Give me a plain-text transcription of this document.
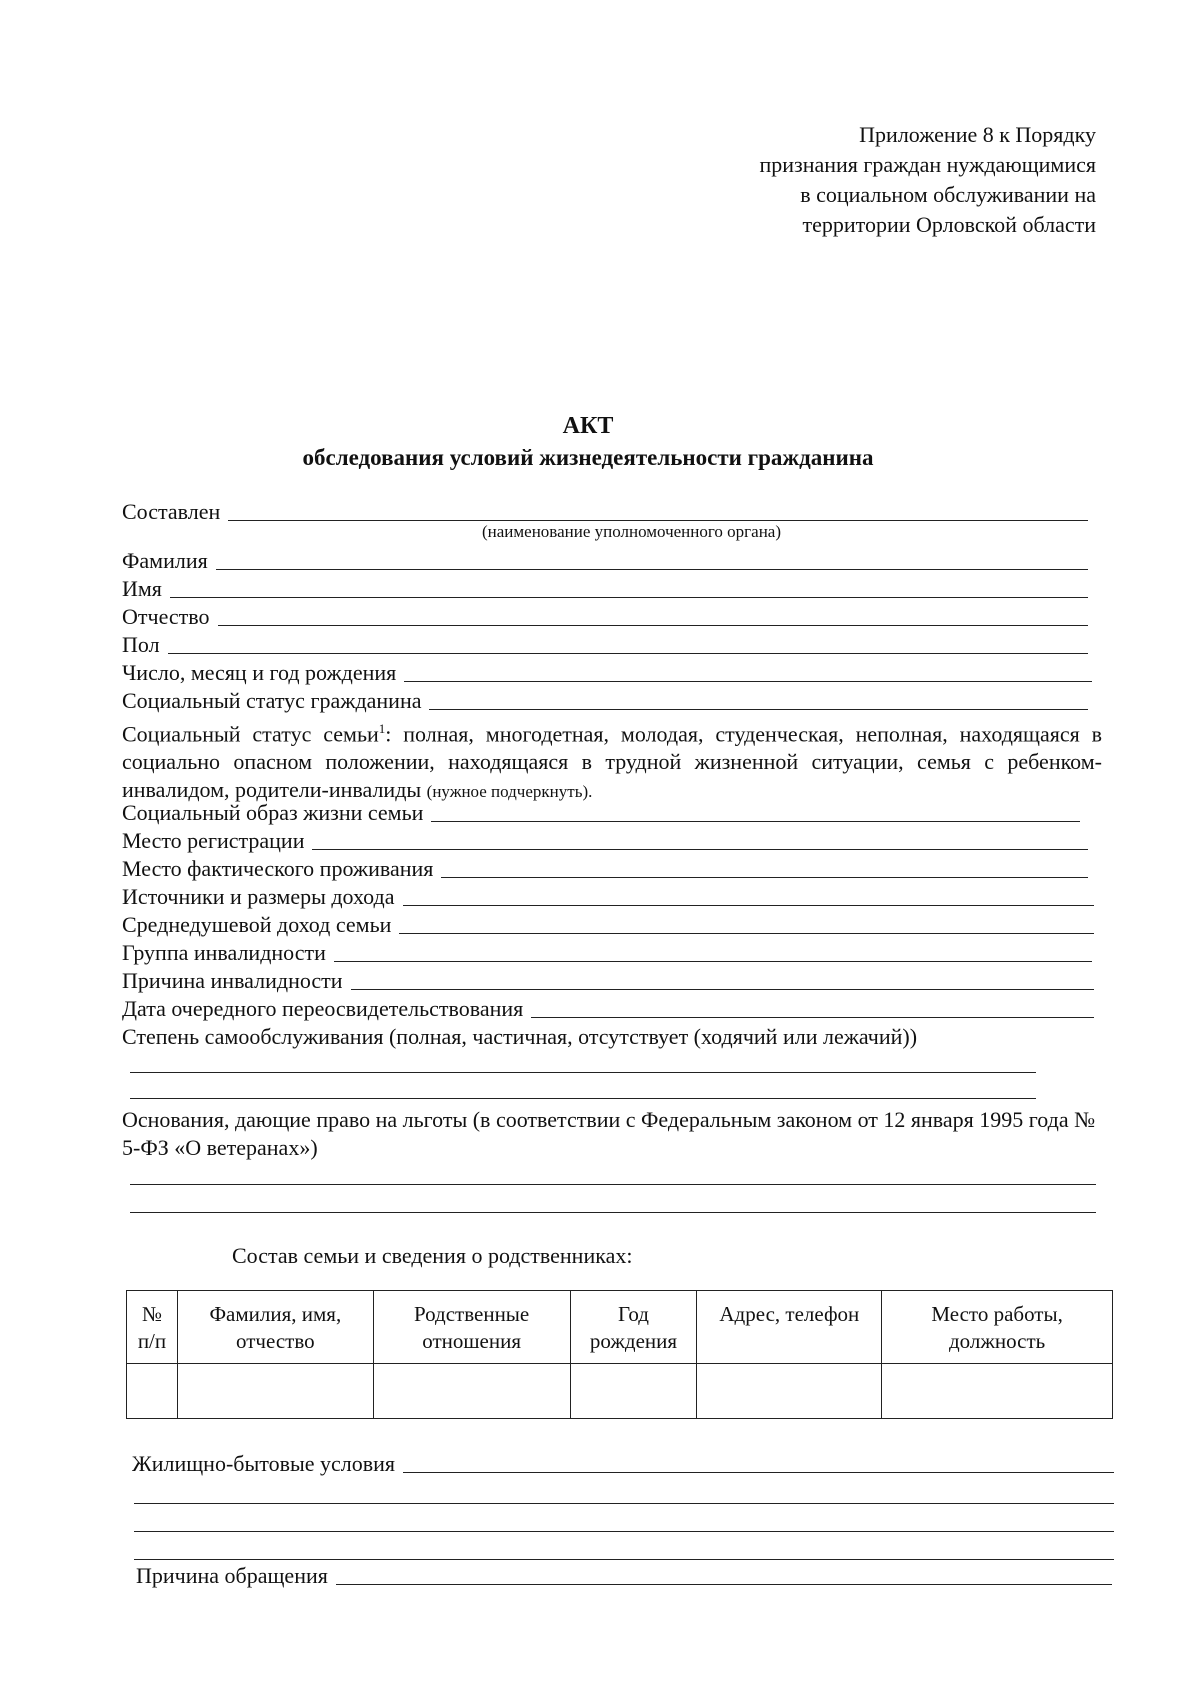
Приложение 8 к Порядку
признания граждан нуждающимися
в социальном обслуживании на
территории Орловской области
АКТ
обследования условий жизнедеятельности гражданина
Составлен
(наименование уполномоченного органа)
Фамилия
Имя
Отчество
Пол
Число, месяц и год рождения
Социальный статус гражданина
Социальный статус семьи$^1$: полная, многодетная, молодая, студенческая, неполная, находящаяся в социально опасном положении, находящаяся в трудной жизненной ситуации, семья с ребенком-инвалидом, родители-инвалиды (нужное подчеркнуть).
Социальный образ жизни семьи
Место регистрации
Место фактического проживания
Источники и размеры дохода
Среднедушевой доход семьи
Группа инвалидности
Причина инвалидности
Дата очередного переосвидетельствования
Степень самообслуживания (полная, частичная, отсутствует (ходячий или лежачий))
Основания, дающие право на льготы (в соответствии с Федеральным законом от 12 января 1995 года № 5-ФЗ «О ветеранах»)
Состав семьи и сведения о родственниках:
№ п/п	Фамилия, имя, отчество	Родственные отношения	Год рождения	Адрес, телефон	Место работы, должность

Жилищно-бытовые условия
Причина обращения
